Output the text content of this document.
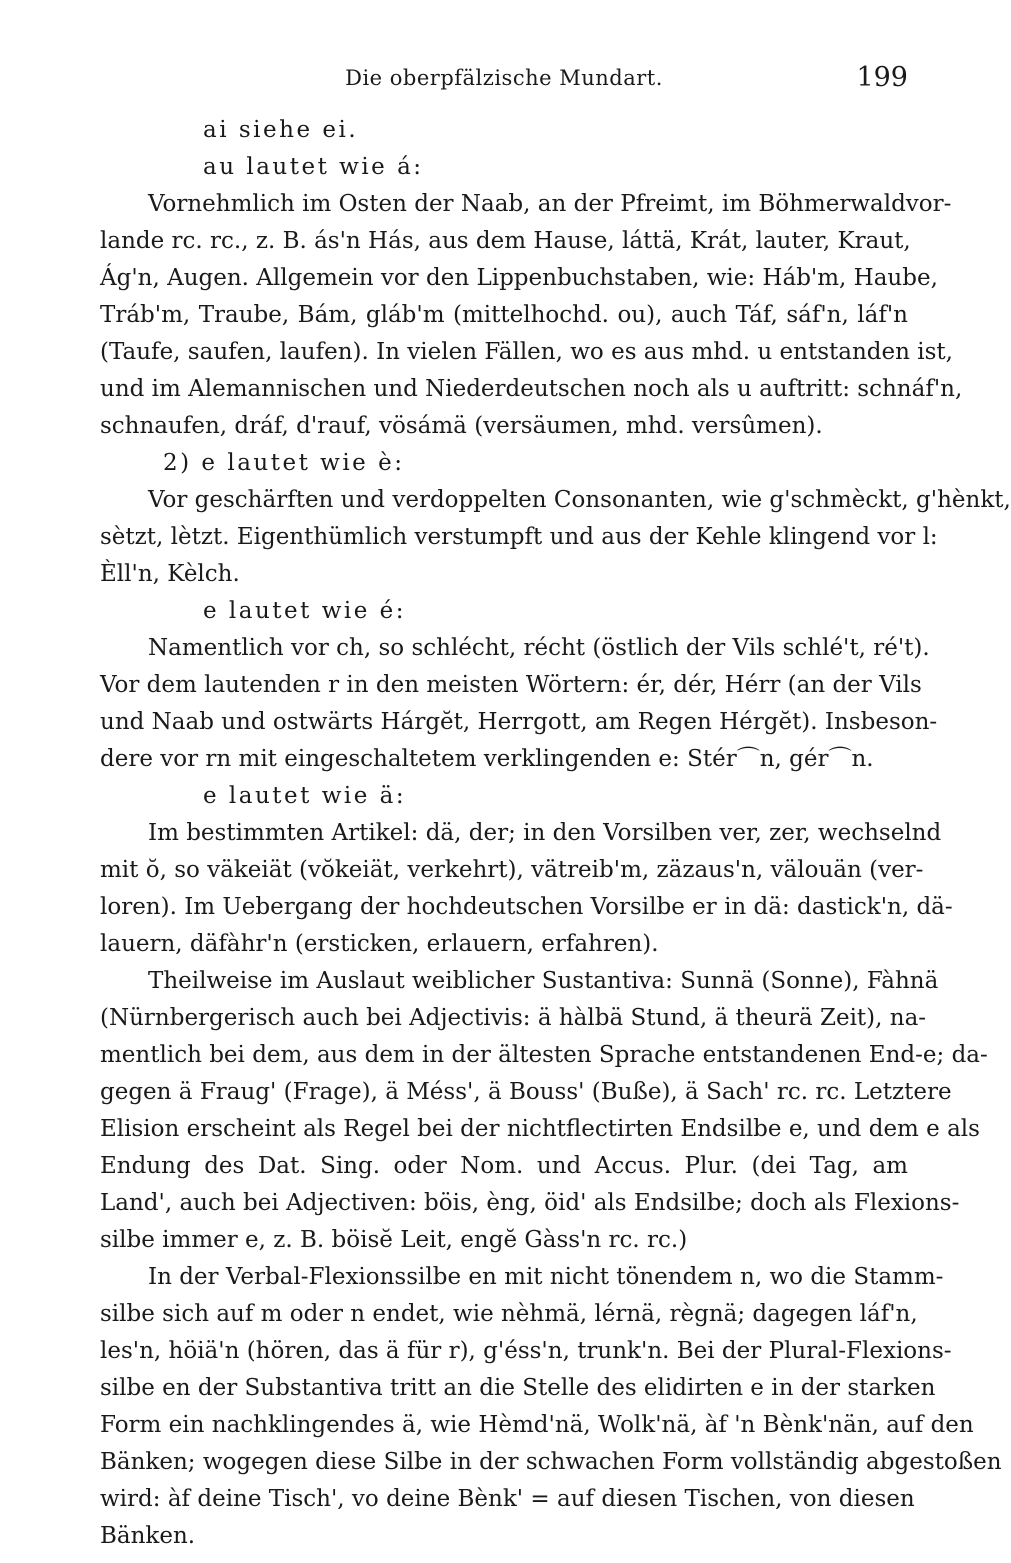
Die oberpfälzische Mundart.	199
ai siehe ei.
au lautet wie á:
Vornehmlich im Osten der Naab, an der Pfreimt, im Böhmerwaldvor-
lande rc. rc., z. B. ás'n Hás, aus dem Hause, láttä, Krát, lauter, Kraut,
Ág'n, Augen. Allgemein vor den Lippenbuchstaben, wie: Háb'm, Haube,
Tráb'm, Traube, Bám, gláb'm (mittelhochd. ou), auch Táf, sáf'n, láf'n
(Taufe, saufen, laufen). In vielen Fällen, wo es aus mhd. u entstanden ist,
und im Alemannischen und Niederdeutschen noch als u auftritt: schnáf'n,
schnaufen, dráf, d'rauf, vösámä (versäumen, mhd. versûmen).
2) e lautet wie è:
Vor geschärften und verdoppelten Consonanten, wie g'schmèckt, g'hènkt,
sètzt, lètzt. Eigenthümlich verstumpft und aus der Kehle klingend vor l:
Èll'n, Kèlch.
e lautet wie é:
Namentlich vor ch, so schlécht, récht (östlich der Vils schlé't, ré't).
Vor dem lautenden r in den meisten Wörtern: ér, dér, Hérr (an der Vils
und Naab und ostwärts Hárgĕt, Herrgott, am Regen Hérgĕt). Insbeson-
dere vor rn mit eingeschaltetem verklingenden e: Stér⌒n, gér⌒n.
e lautet wie ä:
Im bestimmten Artikel: dä, der; in den Vorsilben ver, zer, wechselnd
mit ŏ, so väkeiät (vŏkeiät, verkehrt), vätreib'm, zäzaus'n, välouän (ver-
loren). Im Uebergang der hochdeutschen Vorsilbe er in dä: dastick'n, dä-
lauern, däfàhr'n (ersticken, erlauern, erfahren).
Theilweise im Auslaut weiblicher Sustantiva: Sunnä (Sonne), Fàhnä
(Nürnbergerisch auch bei Adjectivis: ä hàlbä Stund, ä theurä Zeit), na-
mentlich bei dem, aus dem in der ältesten Sprache entstandenen End-e; da-
gegen ä Fraug' (Frage), ä Méss', ä Bouss' (Buße), ä Sach' rc. rc. Letztere
Elision erscheint als Regel bei der nichtflectirten Endsilbe e, und dem e als
Endung des Dat. Sing. oder Nom. und Accus. Plur. (dei Tag, am
Land', auch bei Adjectiven: böis, èng, öid' als Endsilbe; doch als Flexions-
silbe immer e, z. B. böisĕ Leit, engĕ Gàss'n rc. rc.)
In der Verbal-Flexionssilbe en mit nicht tönendem n, wo die Stamm-
silbe sich auf m oder n endet, wie nèhmä, lérnä, règnä; dagegen láf'n,
les'n, höiä'n (hören, das ä für r), g'éss'n, trunk'n. Bei der Plural-Flexions-
silbe en der Substantiva tritt an die Stelle des elidirten e in der starken
Form ein nachklingendes ä, wie Hèmd'nä, Wolk'nä, àf 'n Bènk'nän, auf den
Bänken; wogegen diese Silbe in der schwachen Form vollständig abgestoßen
wird: àf deine Tisch', vo deine Bènk' = auf diesen Tischen, von diesen
Bänken.
